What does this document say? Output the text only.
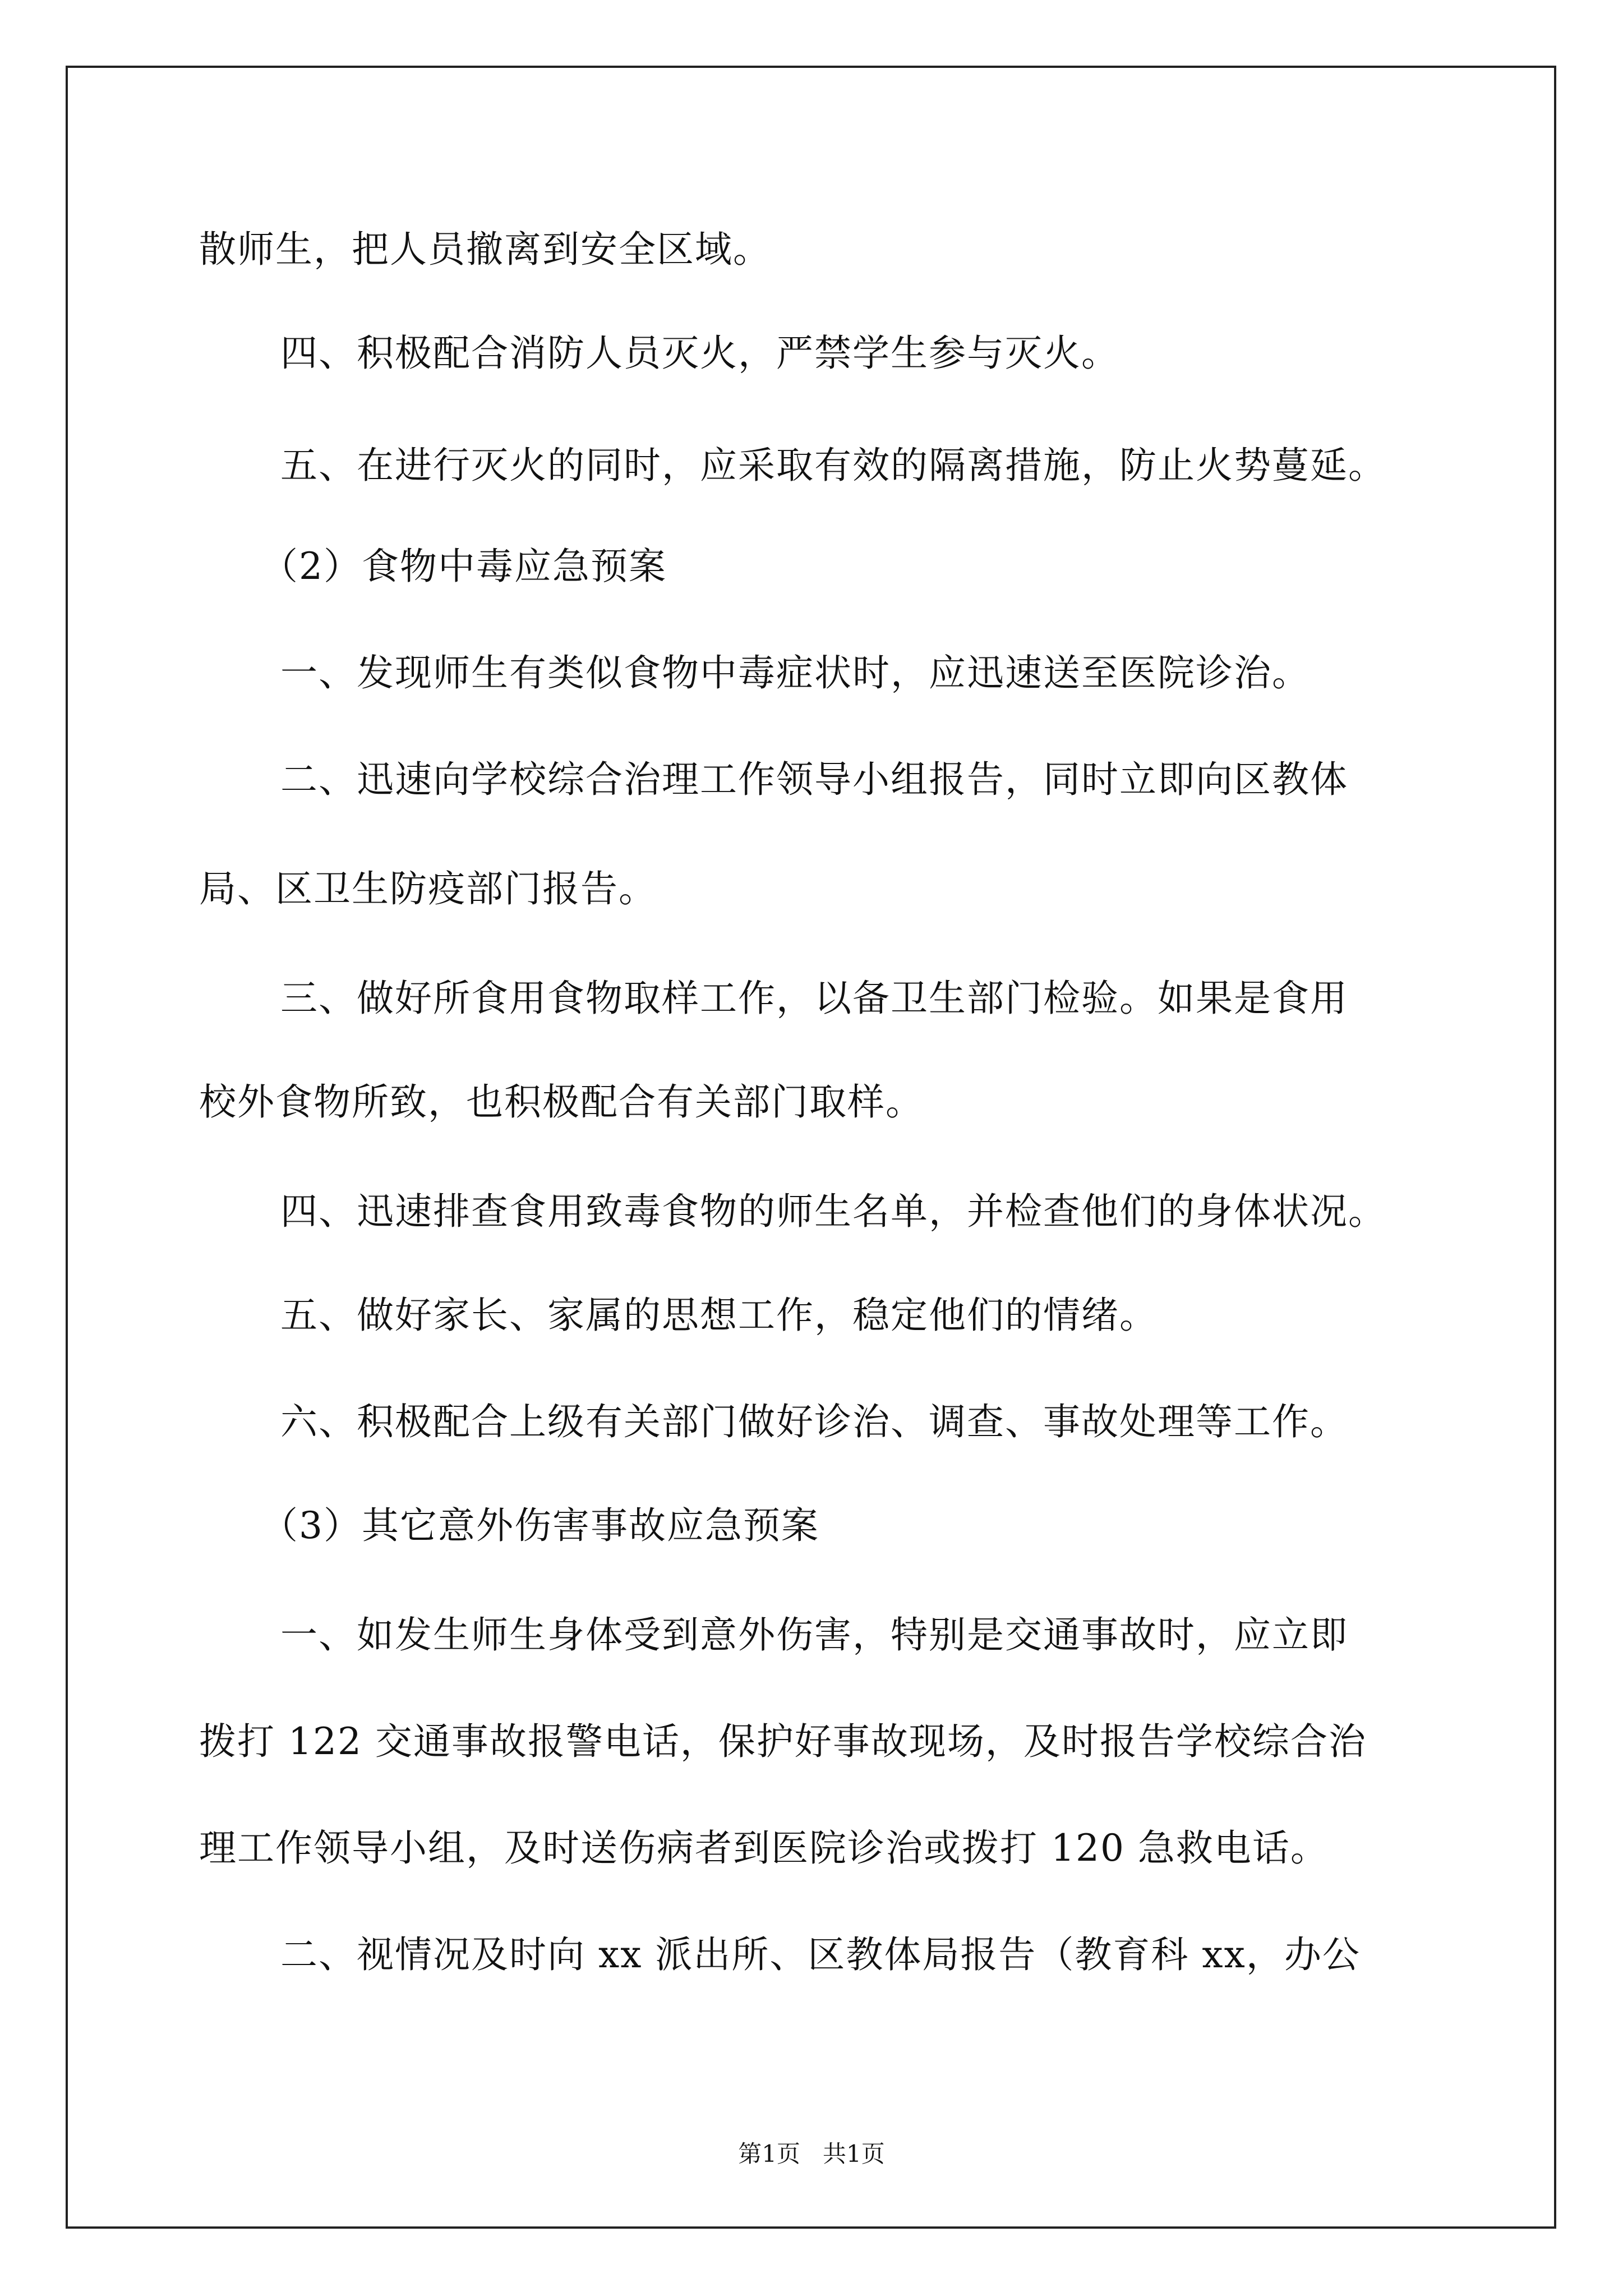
散师生，把人员撤离到安全区域。
四、积极配合消防人员灭火，严禁学生参与灭火。
五、在进行灭火的同时，应采取有效的隔离措施，防止火势蔓延。
（2）食物中毒应急预案
一、发现师生有类似食物中毒症状时，应迅速送至医院诊治。
二、迅速向学校综合治理工作领导小组报告，同时立即向区教体
局、区卫生防疫部门报告。
三、做好所食用食物取样工作，以备卫生部门检验。如果是食用
校外食物所致，也积极配合有关部门取样。
四、迅速排查食用致毒食物的师生名单，并检查他们的身体状况。
五、做好家长、家属的思想工作，稳定他们的情绪。
六、积极配合上级有关部门做好诊治、调查、事故处理等工作。
（3）其它意外伤害事故应急预案
一、如发生师生身体受到意外伤害，特别是交通事故时，应立即
拨打 122 交通事故报警电话，保护好事故现场，及时报告学校综合治
理工作领导小组，及时送伤病者到医院诊治或拨打 120 急救电话。
二、视情况及时向 xx 派出所、区教体局报告（教育科 xx，办公
第1页   共1页
